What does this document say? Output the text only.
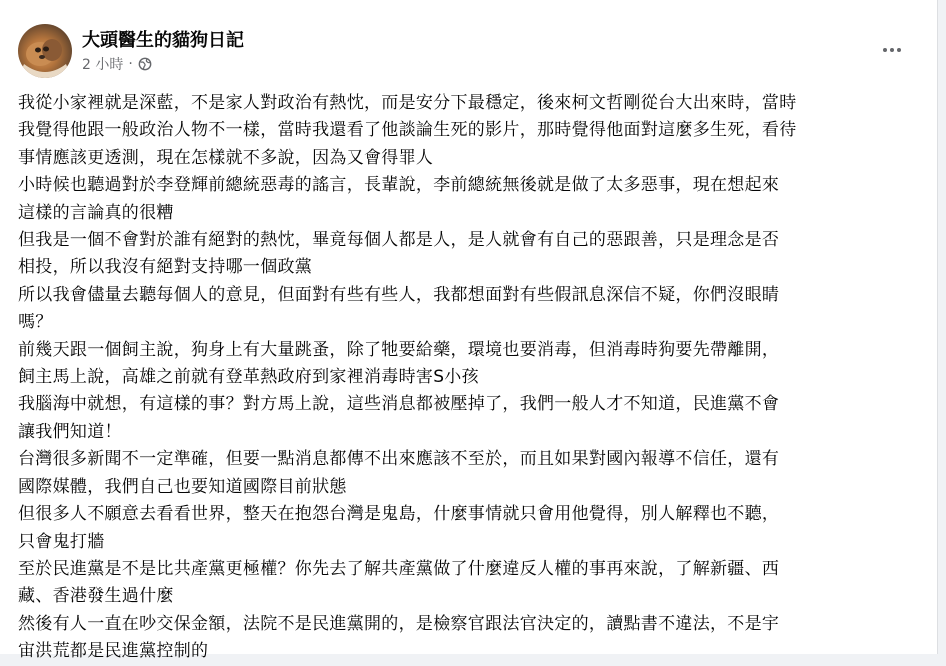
大頭醫生的貓狗日記
2 小時 ·

我從小家裡就是深藍，不是家人對政治有熱忱，而是安分下最穩定，後來柯文哲剛從台大出來時，當時

我覺得他跟一般政治人物不一樣，當時我還看了他談論生死的影片，那時覺得他面對這麼多生死，看待

事情應該更透測，現在怎樣就不多說，因為又會得罪人

小時候也聽過對於李登輝前總統惡毒的謠言，長輩說，李前總統無後就是做了太多惡事，現在想起來

這樣的言論真的很糟

但我是一個不會對於誰有絕對的熱忱，畢竟每個人都是人，是人就會有自己的惡跟善，只是理念是否

相投，所以我沒有絕對支持哪一個政黨

所以我會儘量去聽每個人的意見，但面對有些有些人，我都想面對有些假訊息深信不疑，你們沒眼睛

嗎？

前幾天跟一個飼主說，狗身上有大量跳蚤，除了牠要給藥，環境也要消毒，但消毒時狗要先帶離開，

飼主馬上說，高雄之前就有登革熱政府到家裡消毒時害S小孩

我腦海中就想，有這樣的事？對方馬上說，這些消息都被壓掉了，我們一般人才不知道，民進黨不會

讓我們知道！

台灣很多新聞不一定準確，但要一點消息都傳不出來應該不至於，而且如果對國內報導不信任，還有

國際媒體，我們自己也要知道國際目前狀態

但很多人不願意去看看世界，整天在抱怨台灣是鬼島，什麼事情就只會用他覺得，別人解釋也不聽，

只會鬼打牆

至於民進黨是不是比共產黨更極權？你先去了解共產黨做了什麼違反人權的事再來說，了解新疆、西

藏、香港發生過什麼

然後有人一直在吵交保金額，法院不是民進黨開的，是檢察官跟法官決定的，讀點書不違法，不是宇

宙洪荒都是民進黨控制的
